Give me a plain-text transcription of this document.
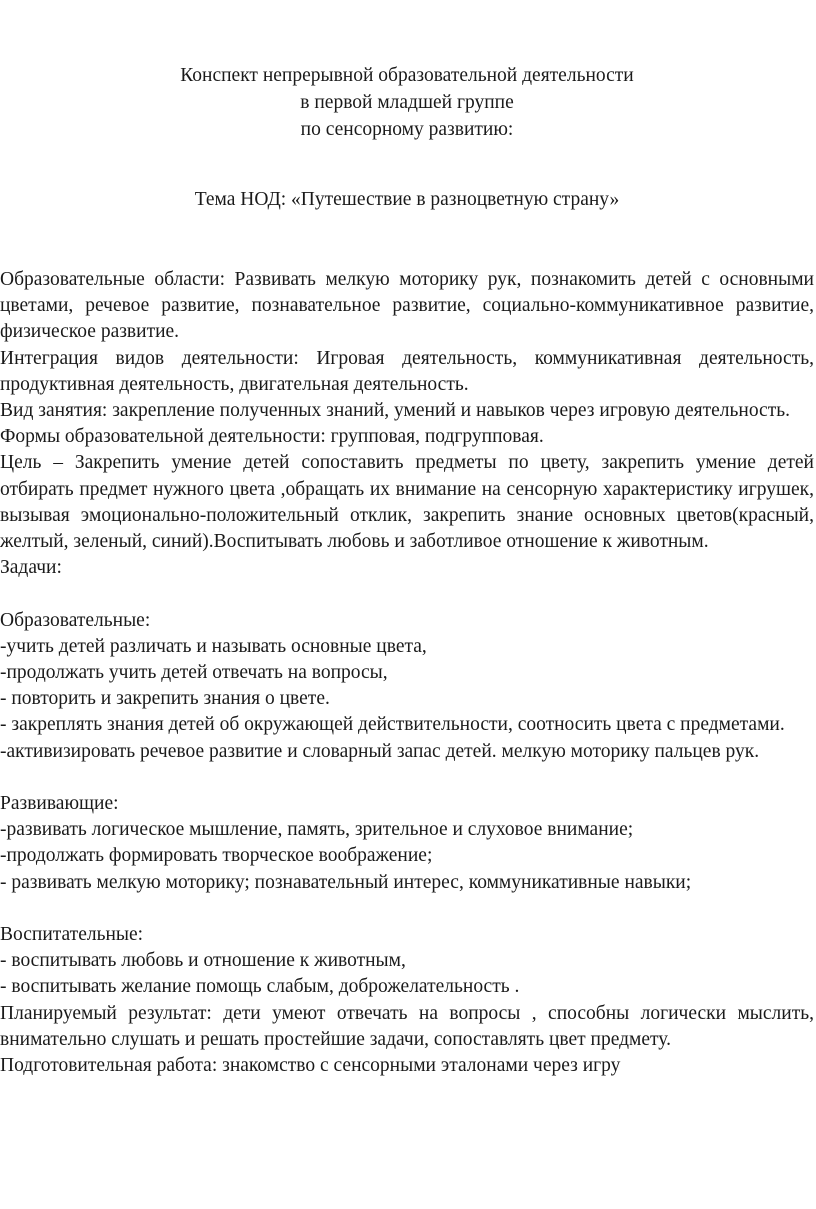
Конспект непрерывной образовательной деятельности
в первой младшей группе
по сенсорному развитию:
Тема НОД: «Путешествие в разноцветную страну»

Образовательные области: Развивать мелкую моторику рук, познакомить детей с основными цветами, речевое развитие, познавательное развитие, социально-коммуникативное развитие, физическое развитие.

Интеграция видов деятельности: Игровая деятельность, коммуникативная деятельность, продуктивная деятельность, двигательная деятельность.

Вид занятия: закрепление полученных знаний, умений и навыков через игровую деятельность.

Формы образовательной деятельности: групповая, подгрупповая.

Цель – Закрепить умение детей сопоставить предметы по цвету, закрепить умение детей отбирать предмет нужного цвета ,обращать их внимание на сенсорную характеристику игрушек, вызывая эмоционально-положительный отклик, закрепить знание основных цветов(красный, желтый, зеленый, синий).Воспитывать любовь и заботливое отношение к животным.

Задачи:

Образовательные:

-учить детей различать и называть основные цвета,

-продолжать учить детей отвечать на вопросы,

- повторить и закрепить знания о цвете.

- закреплять знания детей об окружающей действительности, соотносить цвета с предметами.

-активизировать речевое развитие и словарный запас детей. мелкую моторику пальцев рук.

Развивающие:

-развивать логическое мышление, память, зрительное и слуховое внимание;

-продолжать формировать творческое воображение;

- развивать мелкую моторику; познавательный интерес, коммуникативные навыки;

Воспитательные:

- воспитывать любовь и отношение к животным,

- воспитывать желание помощь слабым, доброжелательность .

Планируемый результат: дети умеют отвечать на вопросы , способны логически мыслить, внимательно слушать и решать простейшие задачи, сопоставлять цвет предмету.

Подготовительная работа: знакомство с сенсорными эталонами через игру
